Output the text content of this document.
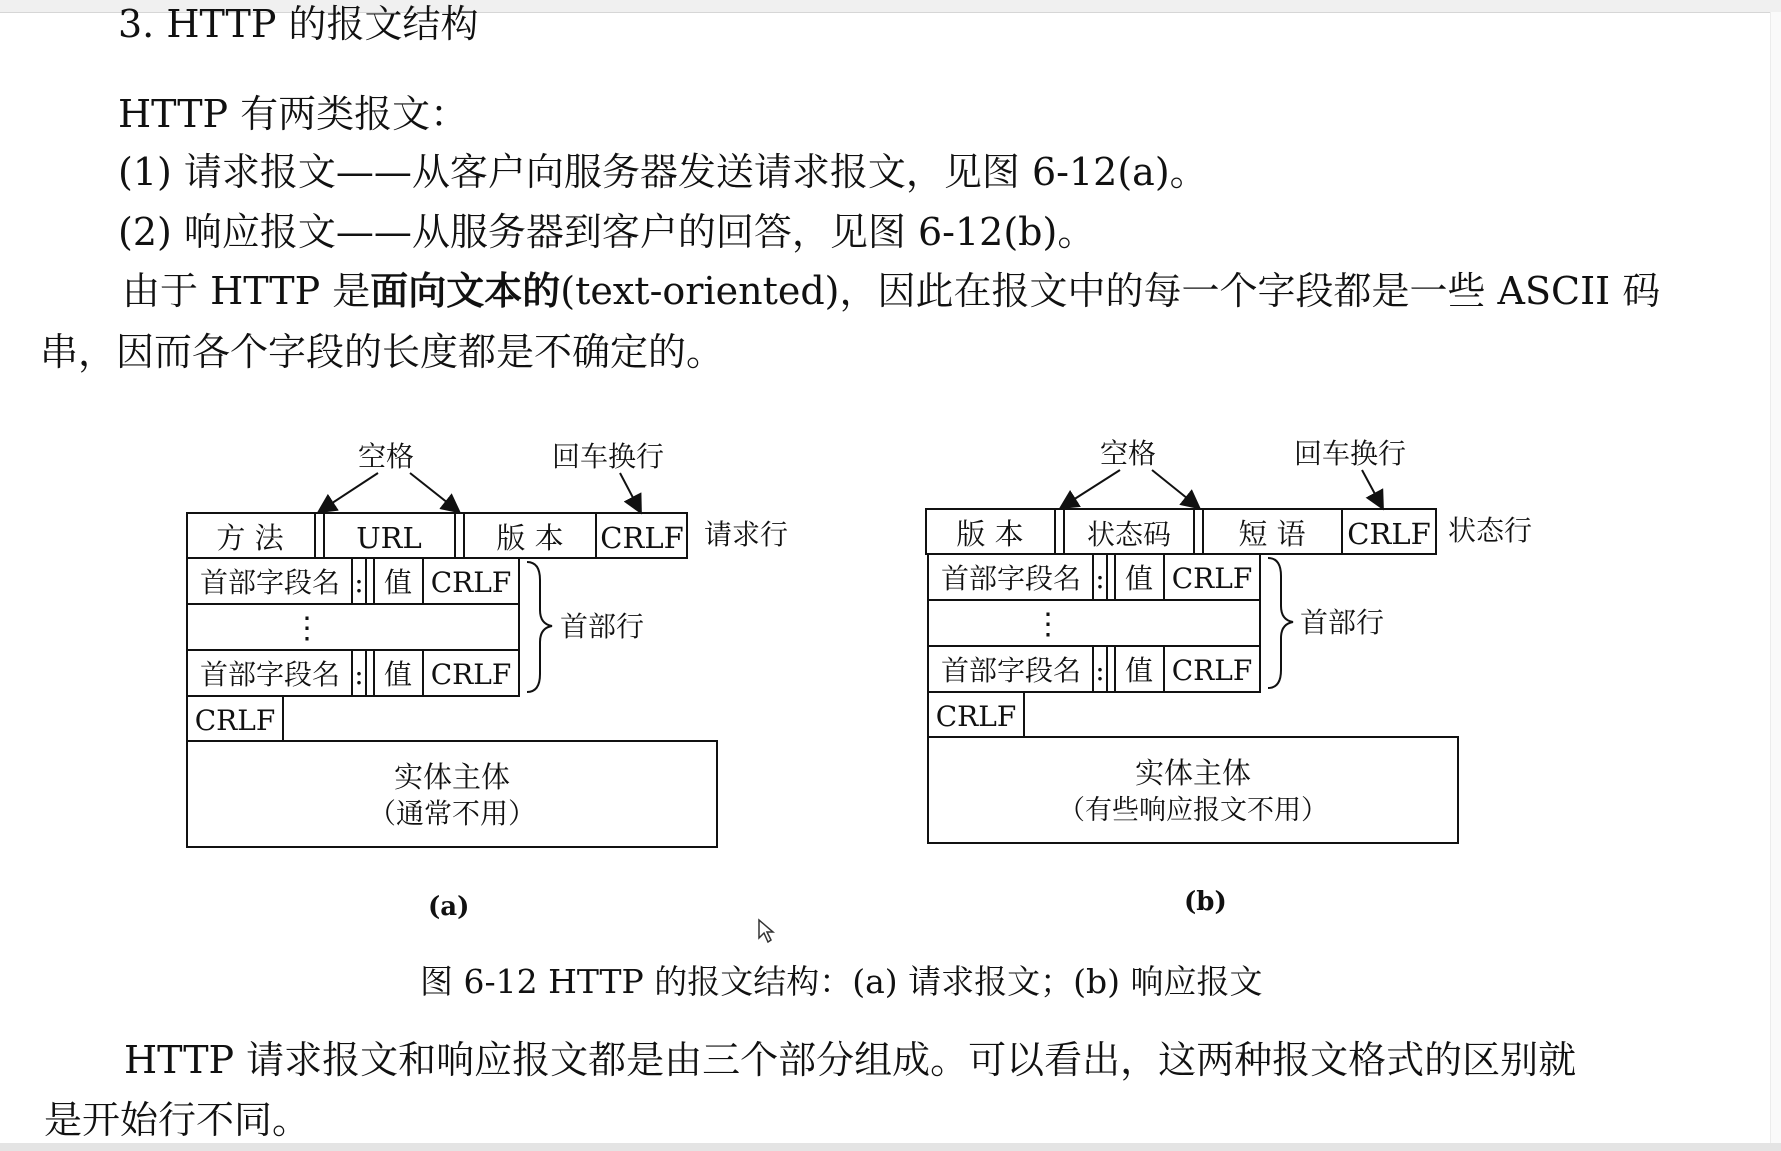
3. HTTP 的报文结构
HTTP 有两类报文：
(1) 请求报文——从客户向服务器发送请求报文，见图 6-12(a)。
(2) 响应报文——从服务器到客户的回答，见图 6-12(b)。
由于 HTTP 是面向文本的(text-oriented)，因此在报文中的每一个字段都是一些 ASCII 码
串，因而各个字段的长度都是不确定的。
空格	回车换行
方 法	URL	版 本 CRLF 请求行
首部字段名 : 值 CRLF
⋮
首部字段名 : 值 CRLF
首部行
CRLF
实体主体
（通常不用）
空格	回车换行
版 本 状态码 短 语 CRLF 状态行
首部字段名 : 值 CRLF
⋮
首部字段名 : 值 CRLF
首部行
CRLF
实体主体
（有些响应报文不用）
(a)	(b)
图 6-12 HTTP 的报文结构：(a) 请求报文；(b) 响应报文
HTTP 请求报文和响应报文都是由三个部分组成。可以看出，这两种报文格式的区别就
是开始行不同。
